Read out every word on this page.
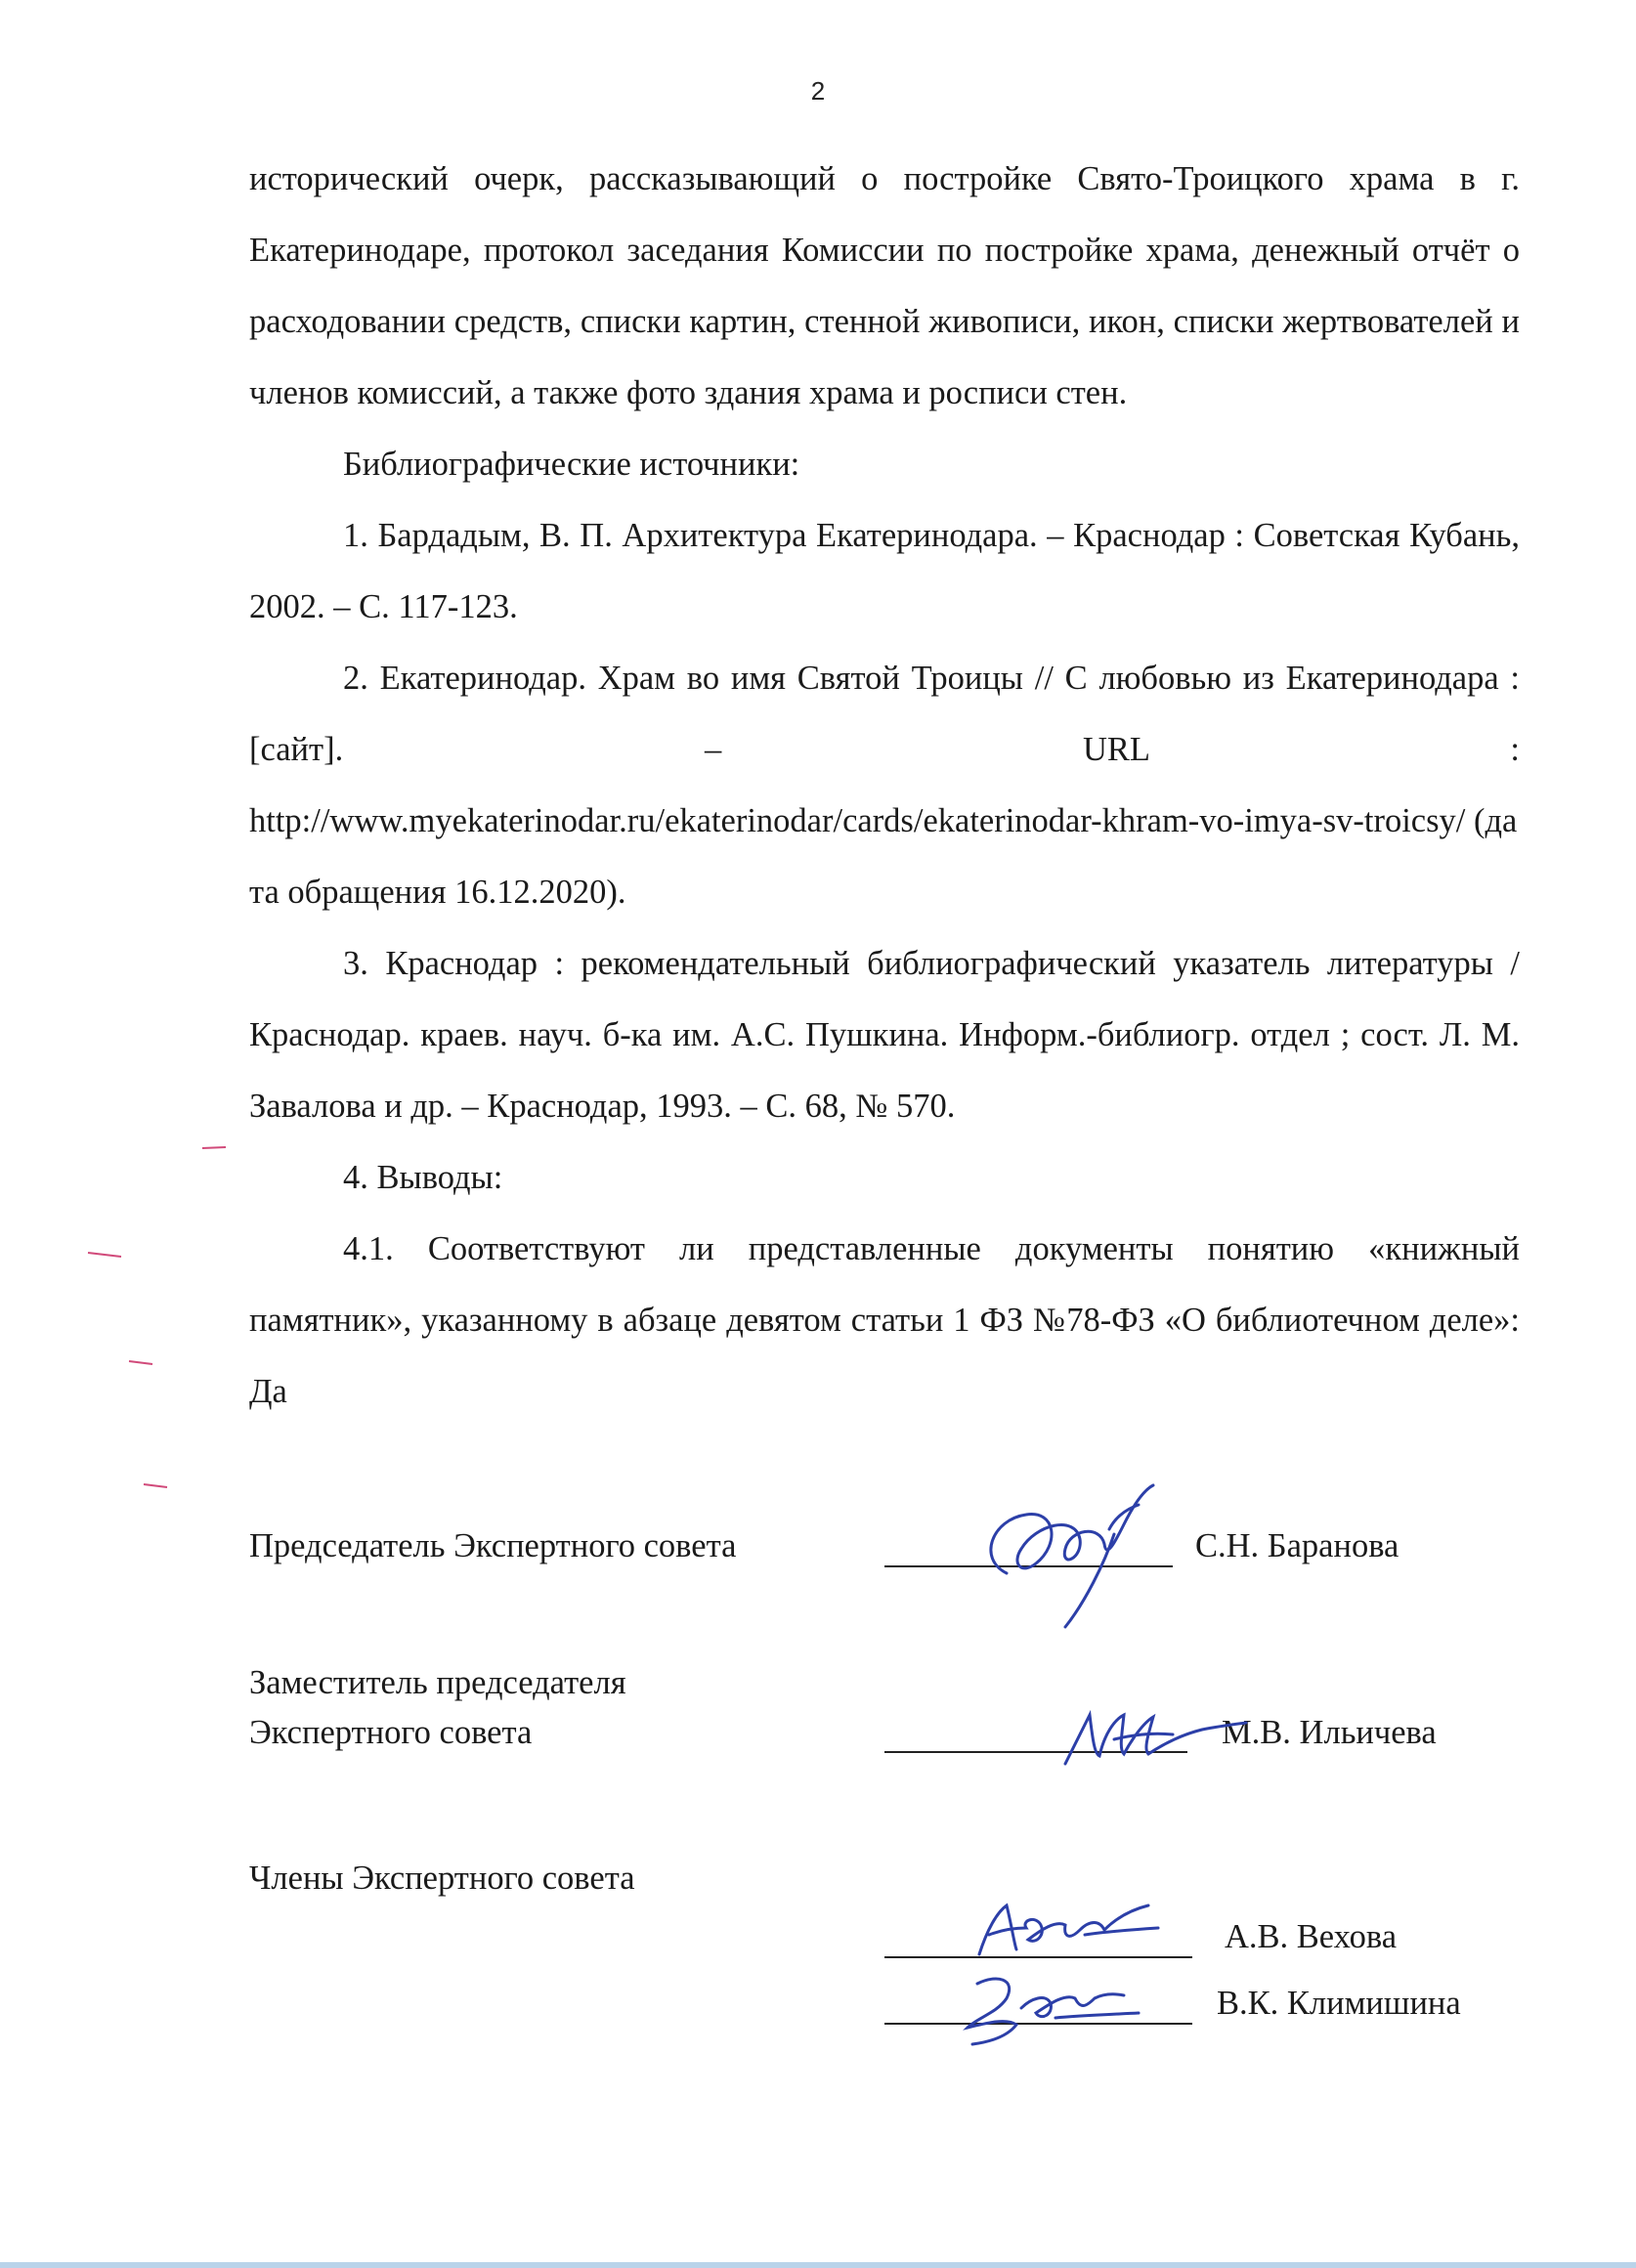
2

исторический очерк, рассказывающий о постройке Свято-Троицкого храма в г. Екатеринодаре, протокол заседания Комиссии по постройке храма, денежный отчёт о расходовании средств, списки картин, стенной живописи, икон, списки жертвователей и членов комиссий, а также фото здания храма и росписи стен.

Библиографические источники:

1. Бардадым, В. П. Архитектура Екатеринодара. – Краснодар : Советская Кубань, 2002. – С. 117-123.

2. Екатеринодар. Храм во имя Святой Троицы // С любовью из Екатеринодара : [сайт]. – URL :

http://www.myekaterinodar.ru/ekaterinodar/cards/ekaterinodar-khram-vo-imya-sv-troicsy/ (дата обращения 16.12.2020).

3. Краснодар : рекомендательный библиографический указатель литературы / Краснодар. краев. науч. б-ка им. А.С. Пушкина. Информ.-библиогр. отдел ; сост. Л. М. Завалова и др. – Краснодар, 1993. – С. 68, № 570.

4. Выводы:

4.1. Соответствуют ли представленные документы понятию «книжный памятник», указанному в абзаце девятом статьи 1 ФЗ №78-ФЗ «О библиотечном деле»: Да

Председатель Экспертного совета	С.Н. Баранова
Заместитель председателя
Экспертного совета	М.В. Ильичева
Члены Экспертного совета
А.В. Вехова
В.К. Климишина
